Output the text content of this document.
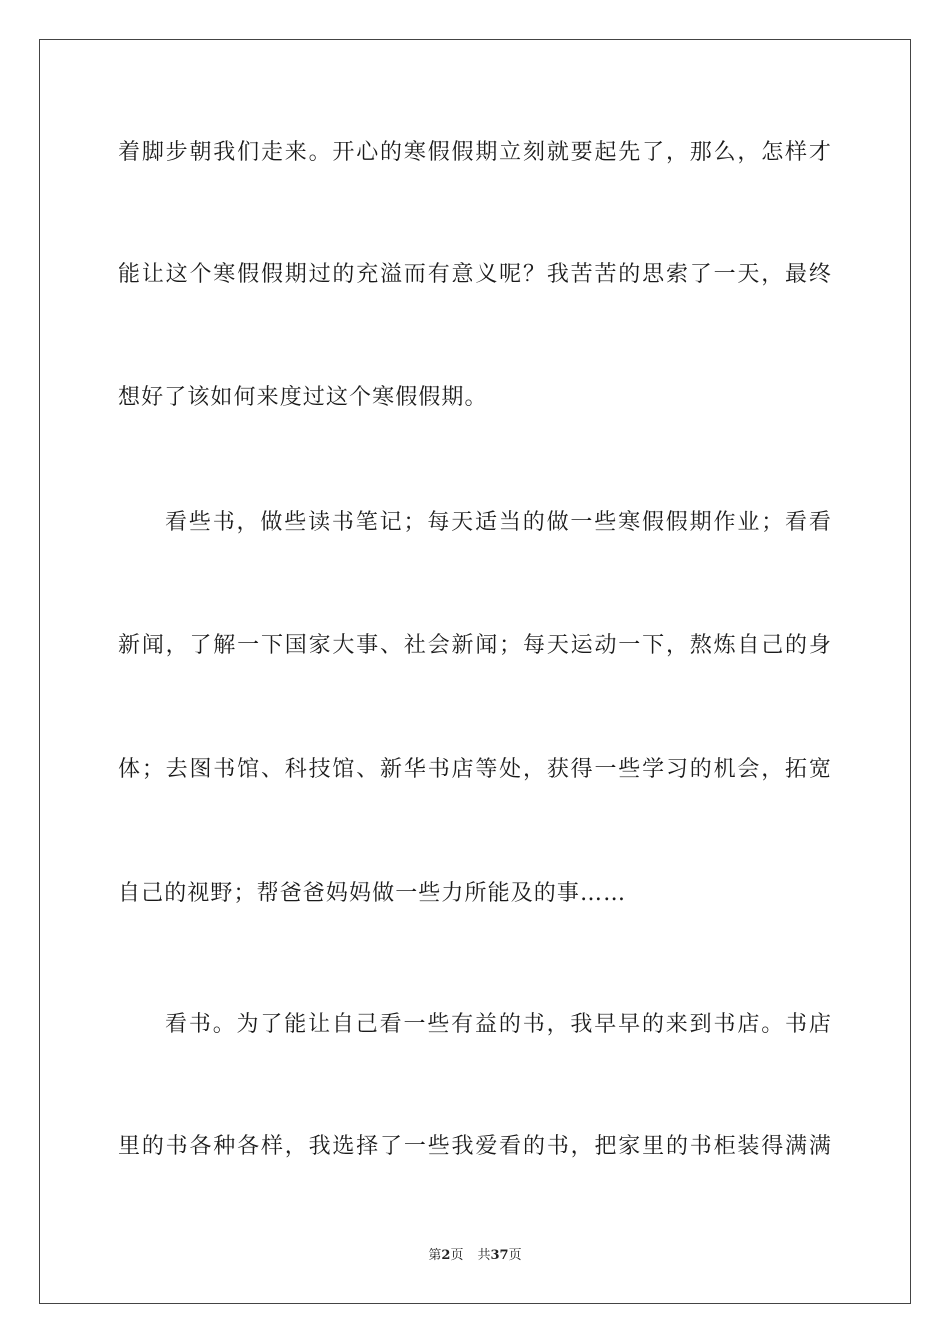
着脚步朝我们走来。开心的寒假假期立刻就要起先了，那么，怎样才
能让这个寒假假期过的充溢而有意义呢？我苦苦的思索了一天，最终
想好了该如何来度过这个寒假假期。
看些书，做些读书笔记；每天适当的做一些寒假假期作业；看看
新闻，了解一下国家大事、社会新闻；每天运动一下，熬炼自己的身
体；去图书馆、科技馆、新华书店等处，获得一些学习的机会，拓宽
自己的视野；帮爸爸妈妈做一些力所能及的事……
看书。为了能让自己看一些有益的书，我早早的来到书店。书店
里的书各种各样，我选择了一些我爱看的书，把家里的书柜装得满满
第2页 共37页
